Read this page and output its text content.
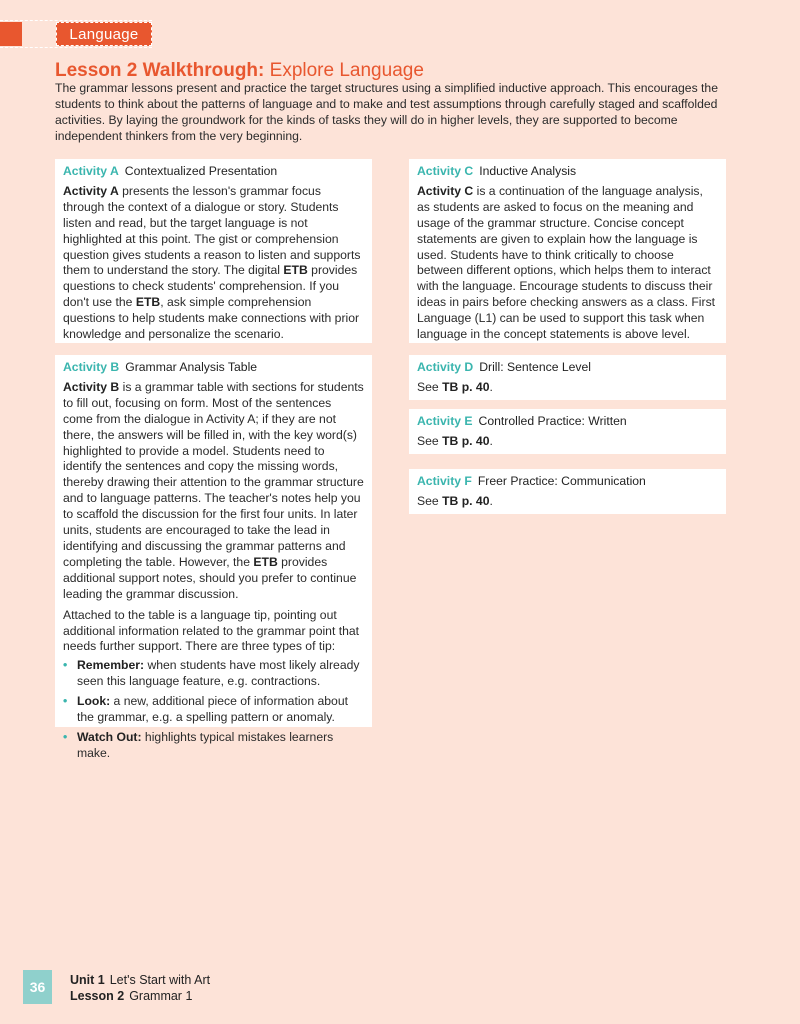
Language
Lesson 2 Walkthrough: Explore Language
The grammar lessons present and practice the target structures using a simplified inductive approach. This encourages the students to think about the patterns of language and to make and test assumptions through carefully staged and scaffolded activities. By laying the groundwork for the kinds of tasks they will do in higher levels, they are supported to become independent thinkers from the very beginning.
Activity A Contextualized Presentation

Activity A presents the lesson's grammar focus through the context of a dialogue or story. Students listen and read, but the target language is not highlighted at this point. The gist or comprehension question gives students a reason to listen and supports them to understand the story. The digital ETB provides questions to check students' comprehension. If you don't use the ETB, ask simple comprehension questions to help students make connections with prior knowledge and personalize the scenario.

Activity B Grammar Analysis Table

Activity B is a grammar table with sections for students to fill out, focusing on form. Most of the sentences come from the dialogue in Activity A; if they are not there, the answers will be filled in, with the key word(s) highlighted to provide a model. Students need to identify the sentences and copy the missing words, thereby drawing their attention to the grammar structure and to language patterns. The teacher's notes help you to scaffold the discussion for the first four units. In later units, students are encouraged to take the lead in identifying and discussing the grammar patterns and completing the table. However, the ETB provides additional support notes, should you prefer to continue leading the grammar discussion.

Attached to the table is a language tip, pointing out additional information related to the grammar point that needs further support. There are three types of tip:

• Remember: when students have most likely already seen this language feature, e.g. contractions.
• Look: a new, additional piece of information about the grammar, e.g. a spelling pattern or anomaly.
• Watch Out: highlights typical mistakes learners make.
Activity C Inductive Analysis

Activity C is a continuation of the language analysis, as students are asked to focus on the meaning and usage of the grammar structure. Concise concept statements are given to explain how the language is used. Students have to think critically to choose between different options, which helps them to interact with the language. Encourage students to discuss their ideas in pairs before checking answers as a class. First Language (L1) can be used to support this task when language in the concept statements is above level.

Activity D Drill: Sentence Level

See TB p. 40.

Activity E Controlled Practice: Written

See TB p. 40.

Activity F Freer Practice: Communication

See TB p. 40.

36	Unit 1 Let's Start with Art
Lesson 2 Grammar 1
